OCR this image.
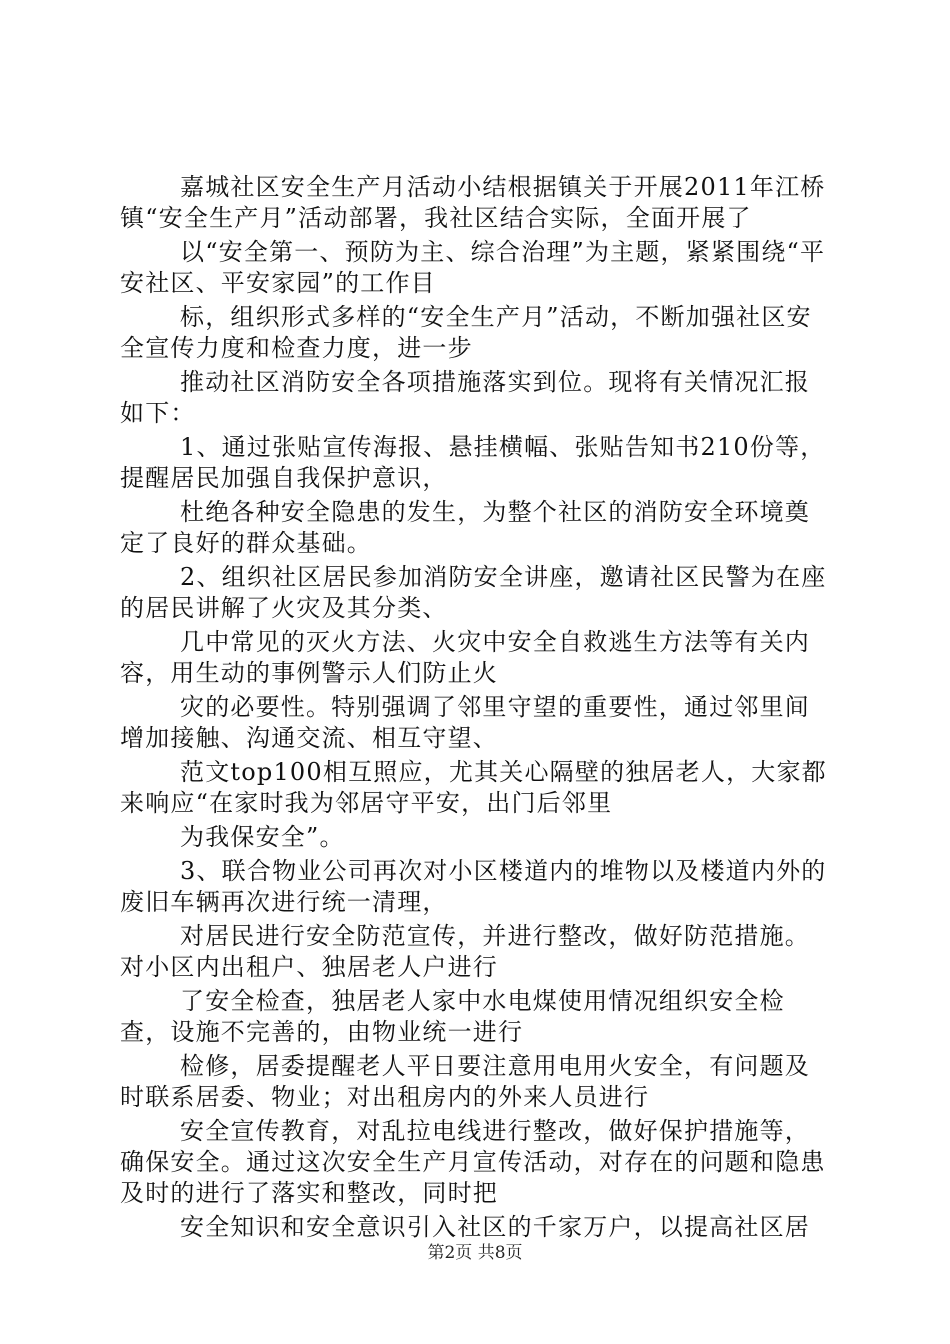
嘉城社区安全生产月活动小结根据镇关于开展2011年江桥镇“安全生产月”活动部署，我社区结合实际，全面开展了

以“安全第一、预防为主、综合治理”为主题，紧紧围绕“平安社区、平安家园”的工作目

标，组织形式多样的“安全生产月”活动，不断加强社区安全宣传力度和检查力度，进一步

推动社区消防安全各项措施落实到位。现将有关情况汇报如下：

1、通过张贴宣传海报、悬挂横幅、张贴告知书210份等，提醒居民加强自我保护意识，

杜绝各种安全隐患的发生，为整个社区的消防安全环境奠定了良好的群众基础。

2、组织社区居民参加消防安全讲座，邀请社区民警为在座的居民讲解了火灾及其分类、

几中常见的灭火方法、火灾中安全自救逃生方法等有关内容，用生动的事例警示人们防止火

灾的必要性。特别强调了邻里守望的重要性，通过邻里间增加接触、沟通交流、相互守望、

范文top100相互照应，尤其关心隔壁的独居老人，大家都来响应“在家时我为邻居守平安，出门后邻里

为我保安全”。

3、联合物业公司再次对小区楼道内的堆物以及楼道内外的废旧车辆再次进行统一清理，

对居民进行安全防范宣传，并进行整改，做好防范措施。对小区内出租户、独居老人户进行

了安全检查，独居老人家中水电煤使用情况组织安全检查，设施不完善的，由物业统一进行

检修，居委提醒老人平日要注意用电用火安全，有问题及时联系居委、物业；对出租房内的外来人员进行

安全宣传教育，对乱拉电线进行整改，做好保护措施等，确保安全。通过这次安全生产月宣传活动，对存在的问题和隐患及时的进行了落实和整改，同时把

安全知识和安全意识引入社区的千家万户，以提高社区居

第2页 共8页
